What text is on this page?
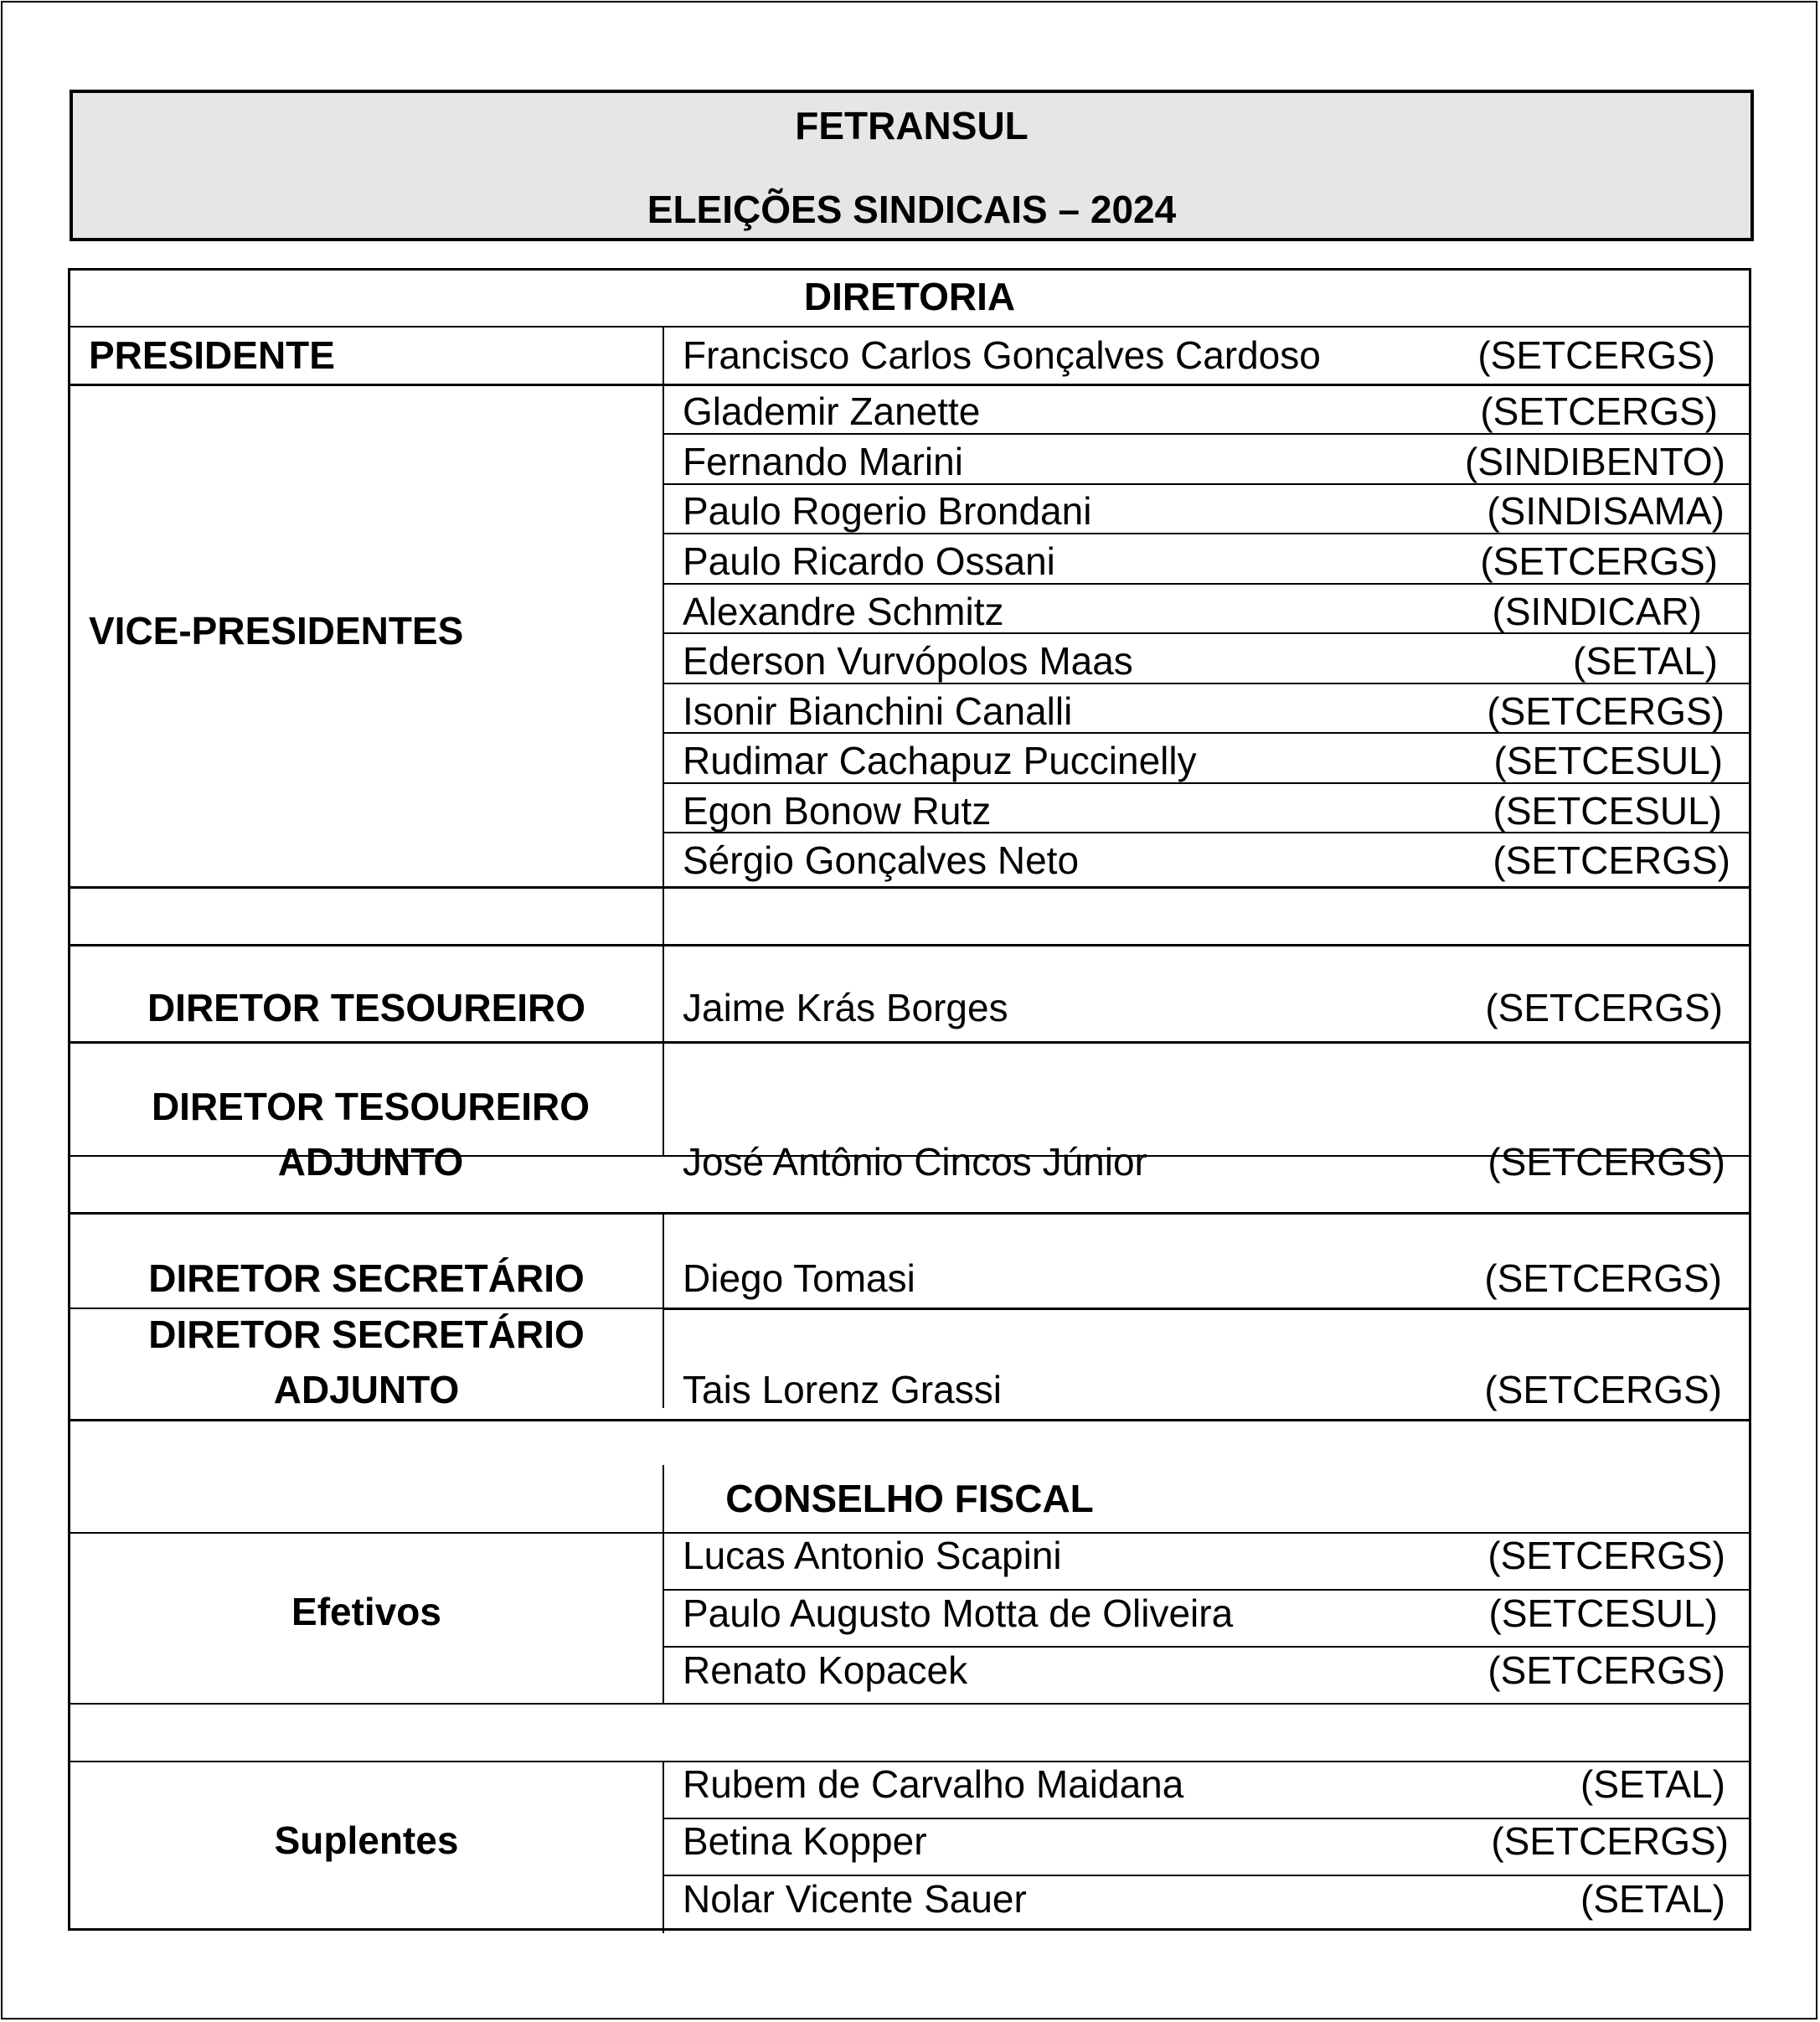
FETRANSUL
ELEIÇÕES SINDICAIS – 2024
DIRETORIA
PRESIDENTE	Francisco Carlos Gonçalves Cardoso	(SETCERGS)
VICE-PRESIDENTES
Glademir Zanette	(SETCERGS)
Fernando Marini	(SINDIBENTO)
Paulo Rogerio Brondani	(SINDISAMA)
Paulo Ricardo Ossani	(SETCERGS)
Alexandre Schmitz	(SINDICAR)
Ederson Vurvópolos Maas	(SETAL)
Isonir Bianchini Canalli	(SETCERGS)
Rudimar Cachapuz Puccinelly	(SETCESUL)
Egon Bonow Rutz	(SETCESUL)
Sérgio Gonçalves Neto	(SETCERGS)
DIRETOR TESOUREIRO	Jaime Krás Borges	(SETCERGS)
DIRETOR TESOUREIRO
ADJUNTO	José Antônio Cincos Júnior	(SETCERGS)
DIRETOR SECRETÁRIO	Diego Tomasi	(SETCERGS)
DIRETOR SECRETÁRIO
ADJUNTO	Tais Lorenz Grassi	(SETCERGS)
CONSELHO FISCAL
Efetivos
Lucas Antonio Scapini	(SETCERGS)
Paulo Augusto Motta de Oliveira	(SETCESUL)
Renato Kopacek	(SETCERGS)
Suplentes
Rubem de Carvalho Maidana	(SETAL)
Betina Kopper	(SETCERGS)
Nolar Vicente Sauer	(SETAL)
